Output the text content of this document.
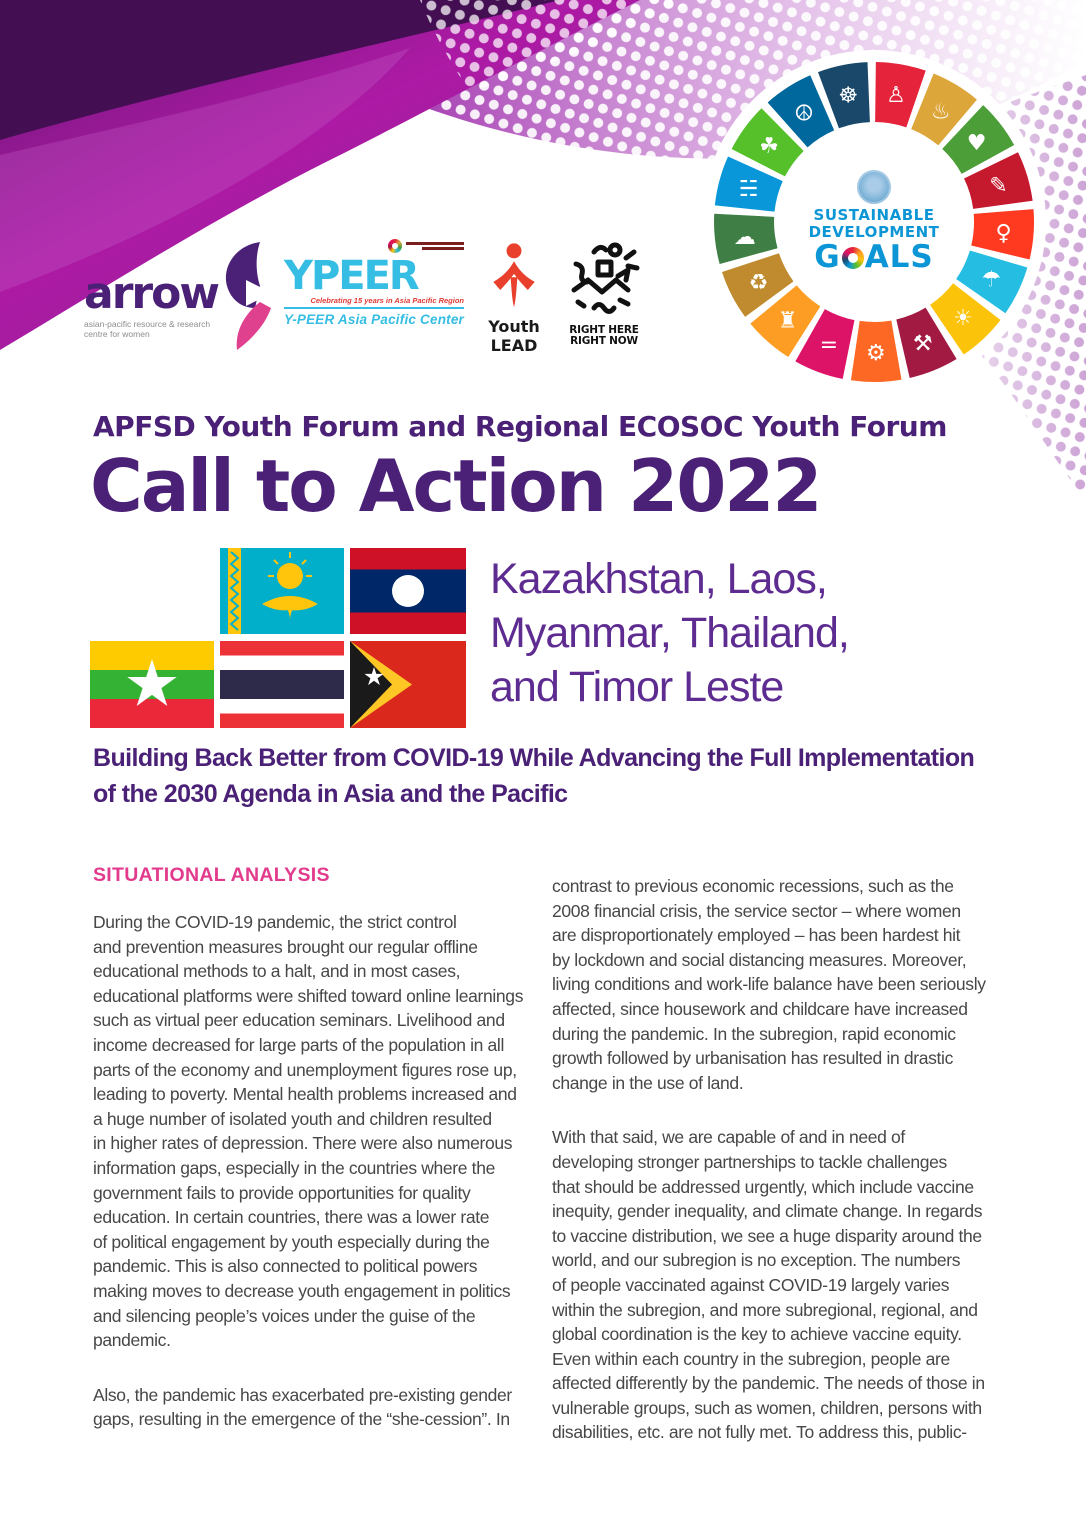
☸ ♙
♨
♥
✎
♀
☂
☀
⚒
⚙
=
♜
♻
☁
☵
☘
☮
SUSTAINABLE
DEVELOPMENT
G ALS
arrow
asian-pacific resource & research
centre for women
YPEER
Celebrating 15 years in Asia Pacific Region
Y-PEER Asia Pacific Center	Youth LEAD
RIGHT HERE
RIGHT NOW
APFSD Youth Forum and Regional ECOSOC Youth Forum
Call to Action 2022
Kazakhstan, Laos,
Myanmar, Thailand,
and Timor Leste
Building Back Better from COVID-19 While Advancing the Full Implementation
of the 2030 Agenda in Asia and the Pacific
SITUATIONAL ANALYSIS
During the COVID-19 pandemic, the strict control
and prevention measures brought our regular offline
educational methods to a halt, and in most cases,
educational platforms were shifted toward online learnings
such as virtual peer education seminars. Livelihood and
income decreased for large parts of the population in all
parts of the economy and unemployment figures rose up,
leading to poverty. Mental health problems increased and
a huge number of isolated youth and children resulted
in higher rates of depression. There were also numerous
information gaps, especially in the countries where the
government fails to provide opportunities for quality
education. In certain countries, there was a lower rate
of political engagement by youth especially during the
pandemic. This is also connected to political powers
making moves to decrease youth engagement in politics
and silencing people’s voices under the guise of the
pandemic.
Also, the pandemic has exacerbated pre-existing gender
gaps, resulting in the emergence of the “she-cession”. In
contrast to previous economic recessions, such as the
2008 financial crisis, the service sector – where women
are disproportionately employed – has been hardest hit
by lockdown and social distancing measures. Moreover,
living conditions and work-life balance have been seriously
affected, since housework and childcare have increased
during the pandemic. In the subregion, rapid economic
growth followed by urbanisation has resulted in drastic
change in the use of land.
With that said, we are capable of and in need of
developing stronger partnerships to tackle challenges
that should be addressed urgently, which include vaccine
inequity, gender inequality, and climate change. In regards
to vaccine distribution, we see a huge disparity around the
world, and our subregion is no exception. The numbers
of people vaccinated against COVID-19 largely varies
within the subregion, and more subregional, regional, and
global coordination is the key to achieve vaccine equity.
Even within each country in the subregion, people are
affected differently by the pandemic. The needs of those in
vulnerable groups, such as women, children, persons with
disabilities, etc. are not fully met. To address this, public-
